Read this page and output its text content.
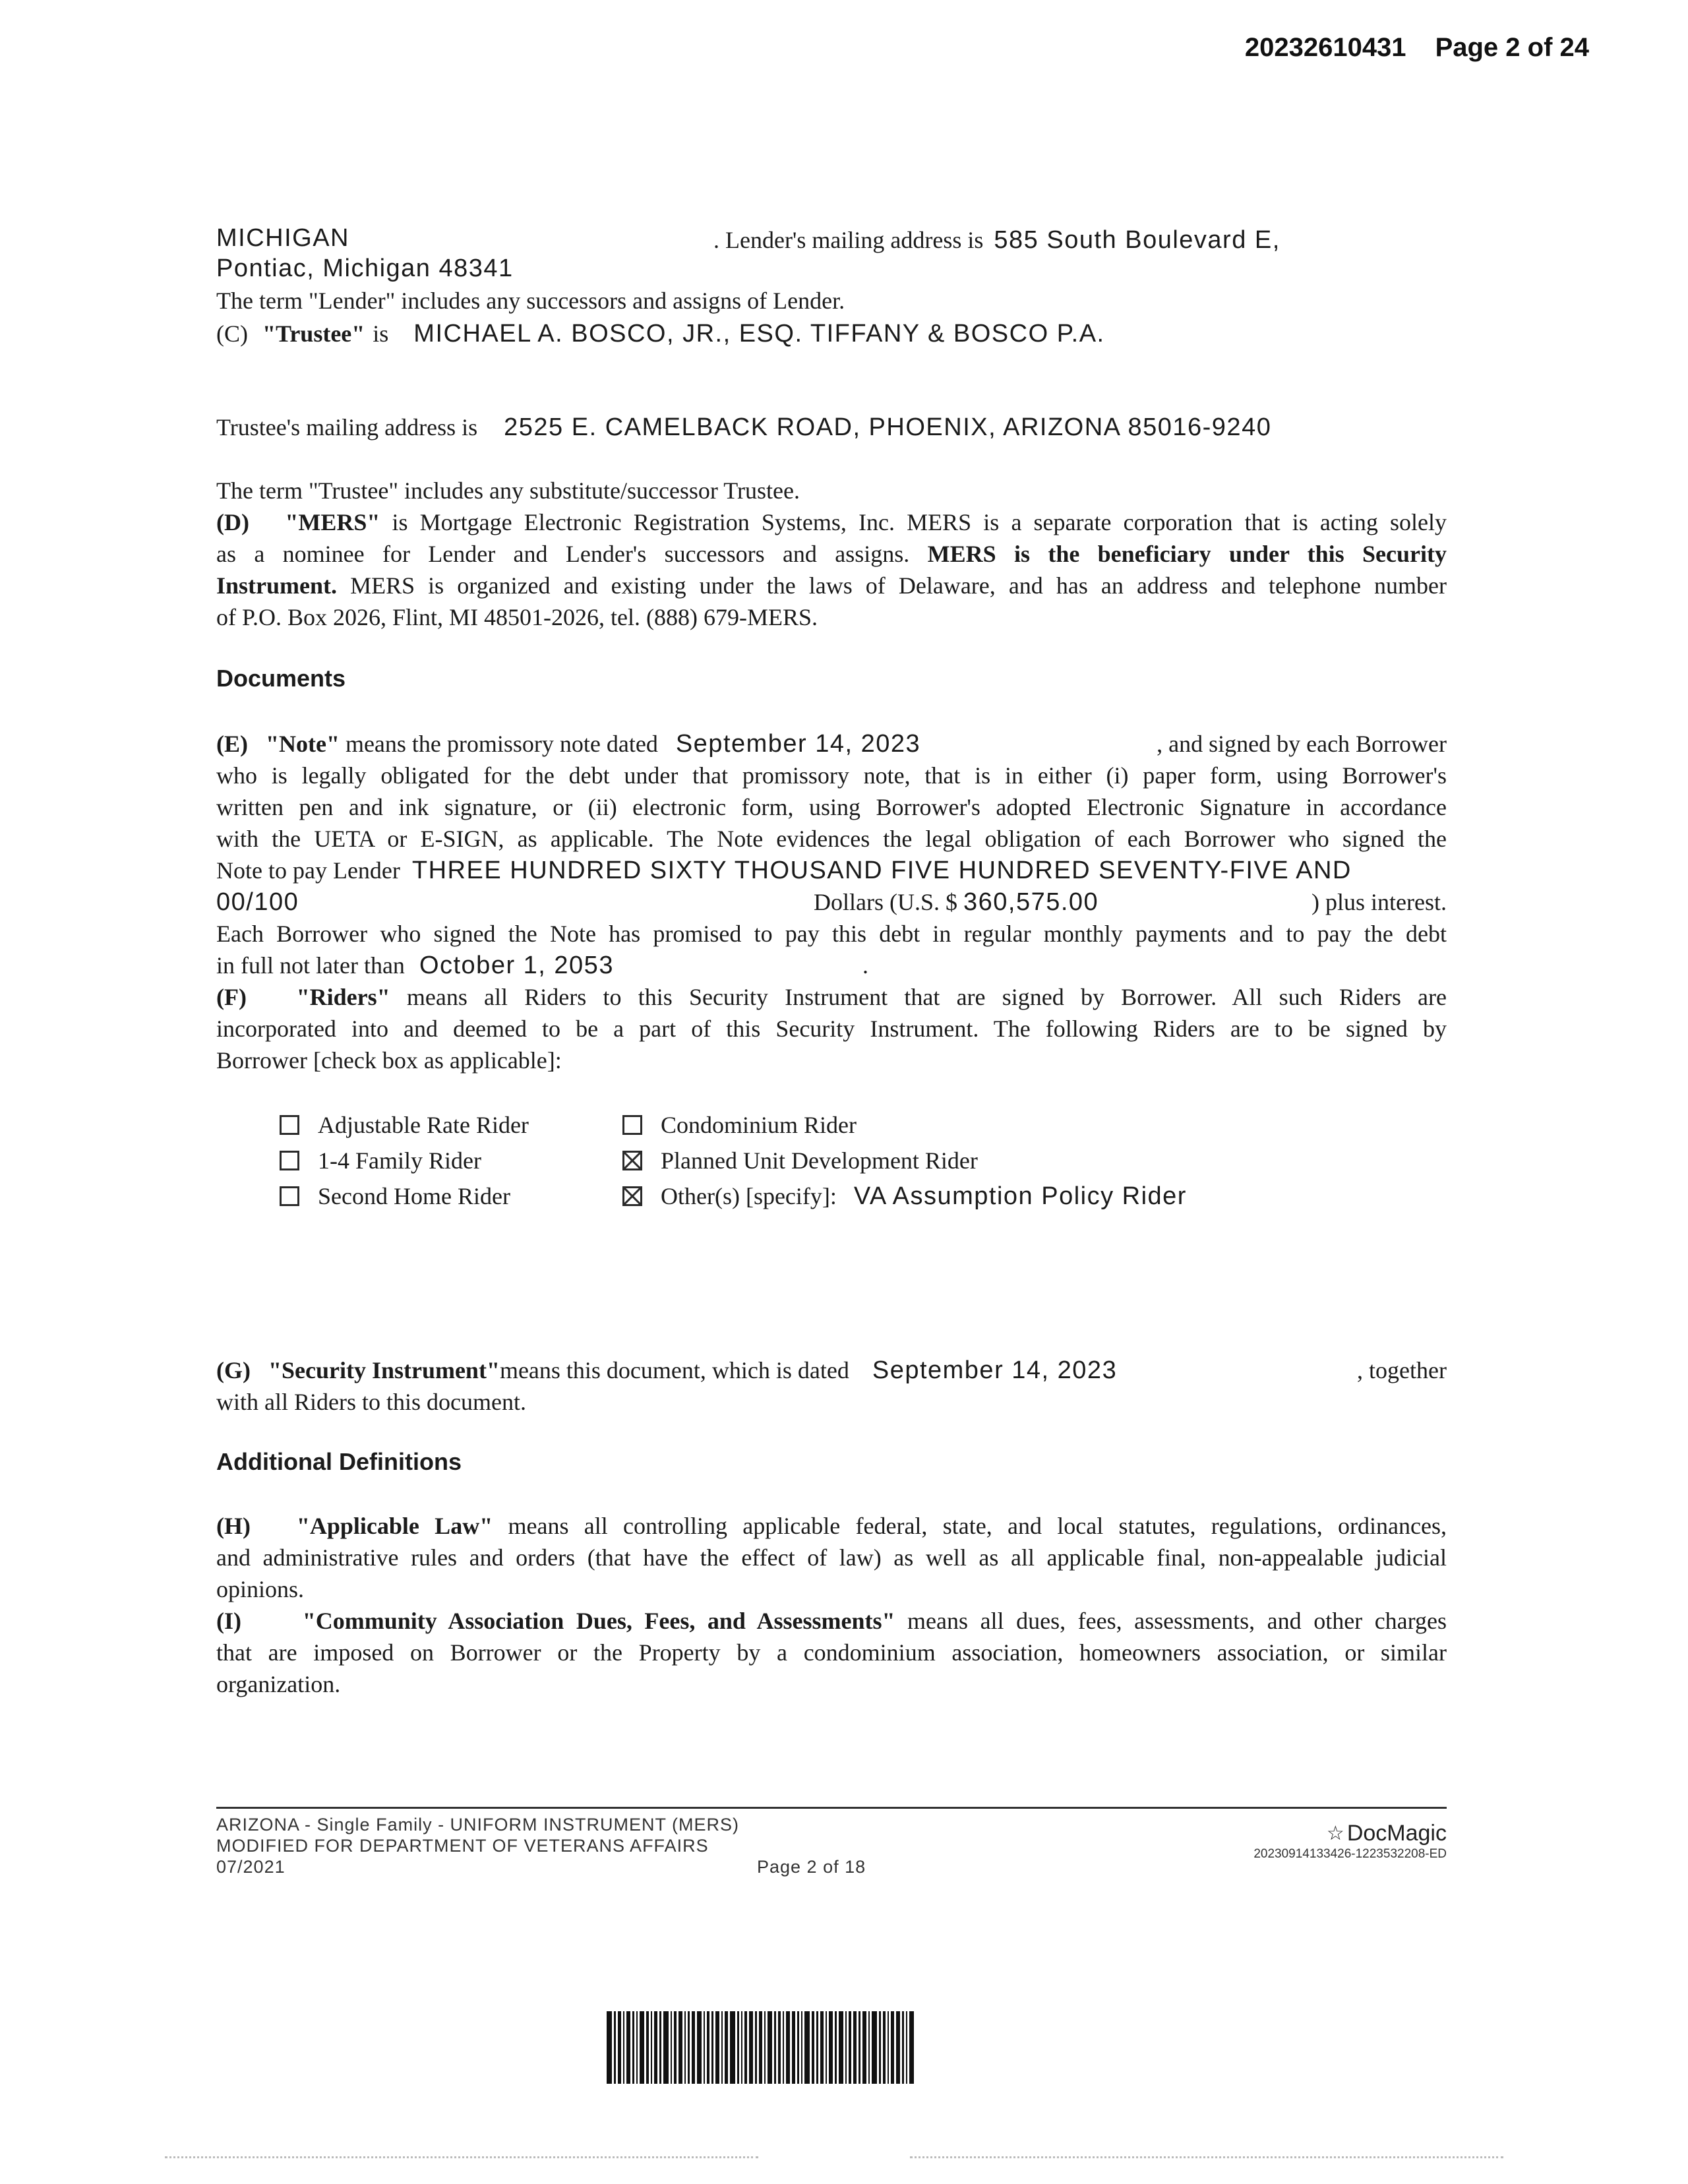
20232610431 Page 2 of 24
MICHIGAN	. Lender's mailing address is 585 South Boulevard E,
Pontiac, Michigan 48341
The term "Lender" includes any successors and assigns of Lender.
(C) "Trustee" is MICHAEL A. BOSCO, JR., ESQ. TIFFANY & BOSCO P.A.
Trustee's mailing address is 2525 E. CAMELBACK ROAD, PHOENIX, ARIZONA 85016-9240
The term "Trustee" includes any substitute/successor Trustee.
(D) "MERS" is Mortgage Electronic Registration Systems, Inc. MERS is a separate corporation that is acting solely
as a nominee for Lender and Lender's successors and assigns. MERS is the beneficiary under this Security
Instrument. MERS is organized and existing under the laws of Delaware, and has an address and telephone number
of P.O. Box 2026, Flint, MI 48501-2026, tel. (888) 679-MERS.
Documents
(E) "Note" means the promissory note dated September 14, 2023	, and signed by each Borrower
who is legally obligated for the debt under that promissory note, that is in either (i) paper form, using Borrower's
written pen and ink signature, or (ii) electronic form, using Borrower's adopted Electronic Signature in accordance
with the UETA or E-SIGN, as applicable. The Note evidences the legal obligation of each Borrower who signed the
Note to pay Lender THREE HUNDRED SIXTY THOUSAND FIVE HUNDRED SEVENTY-FIVE AND
00/100	Dollars (U.S. $ 360,575.00	) plus interest.
Each Borrower who signed the Note has promised to pay this debt in regular monthly payments and to pay the debt
in full not later than October 1, 2053	.
(F) "Riders" means all Riders to this Security Instrument that are signed by Borrower. All such Riders are
incorporated into and deemed to be a part of this Security Instrument. The following Riders are to be signed by
Borrower [check box as applicable]:
Adjustable Rate Rider
1-4 Family Rider
Second Home Rider
Condominium Rider
Planned Unit Development Rider
Other(s) [specify]: VA Assumption Policy Rider
(G) "Security Instrument"means this document, which is dated September 14, 2023	, together
with all Riders to this document.
Additional Definitions
(H) "Applicable Law" means all controlling applicable federal, state, and local statutes, regulations, ordinances,
and administrative rules and orders (that have the effect of law) as well as all applicable final, non-appealable judicial
opinions.
(I)	"Community Association Dues, Fees, and Assessments" means all dues, fees, assessments, and other charges
that are imposed on Borrower or the Property by a condominium association, homeowners association, or similar
organization.
ARIZONA - Single Family - UNIFORM INSTRUMENT (MERS)
MODIFIED FOR DEPARTMENT OF VETERANS AFFAIRS
07/2021	Page 2 of 18
☆ DocMagic
20230914133426-1223532208-ED
